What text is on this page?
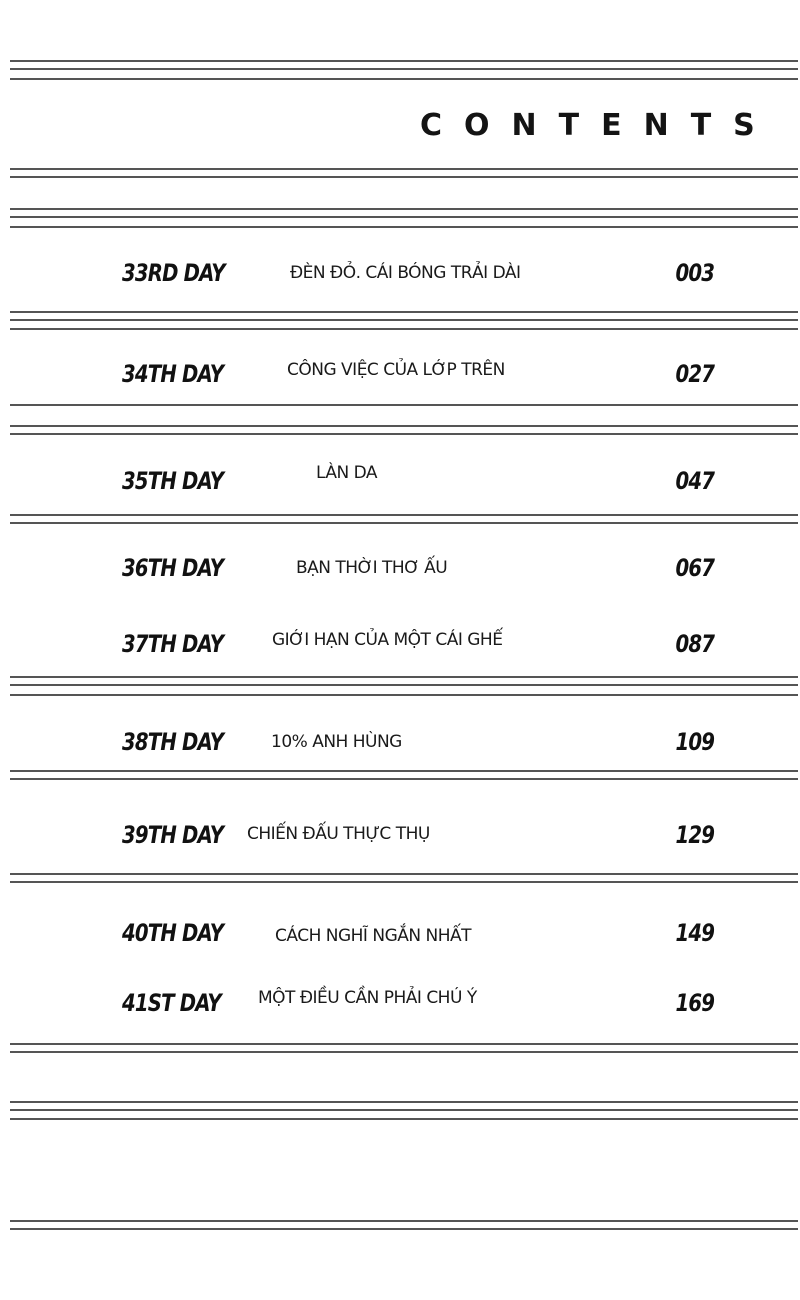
CONTENTS
33RD DAY	ĐÈN ĐỎ. CÁI BÓNG TRẢI DÀI	003
34TH DAY	CÔNG VIỆC CỦA LỚP TRÊN	027
35TH DAY	LÀN DA	047
36TH DAY	BẠN THỜI THƠ ẤU	067
37TH DAY	GIỚI HẠN CỦA MỘT CÁI GHẾ	087
38TH DAY	10% ANH HÙNG	109
39TH DAY CHIẾN ĐẤU THỰC THỤ	129
40TH DAY	CÁCH NGHĨ NGẮN NHẤT	149
41ST DAY MỘT ĐIỀU CẦN PHẢI CHÚ Ý	169
